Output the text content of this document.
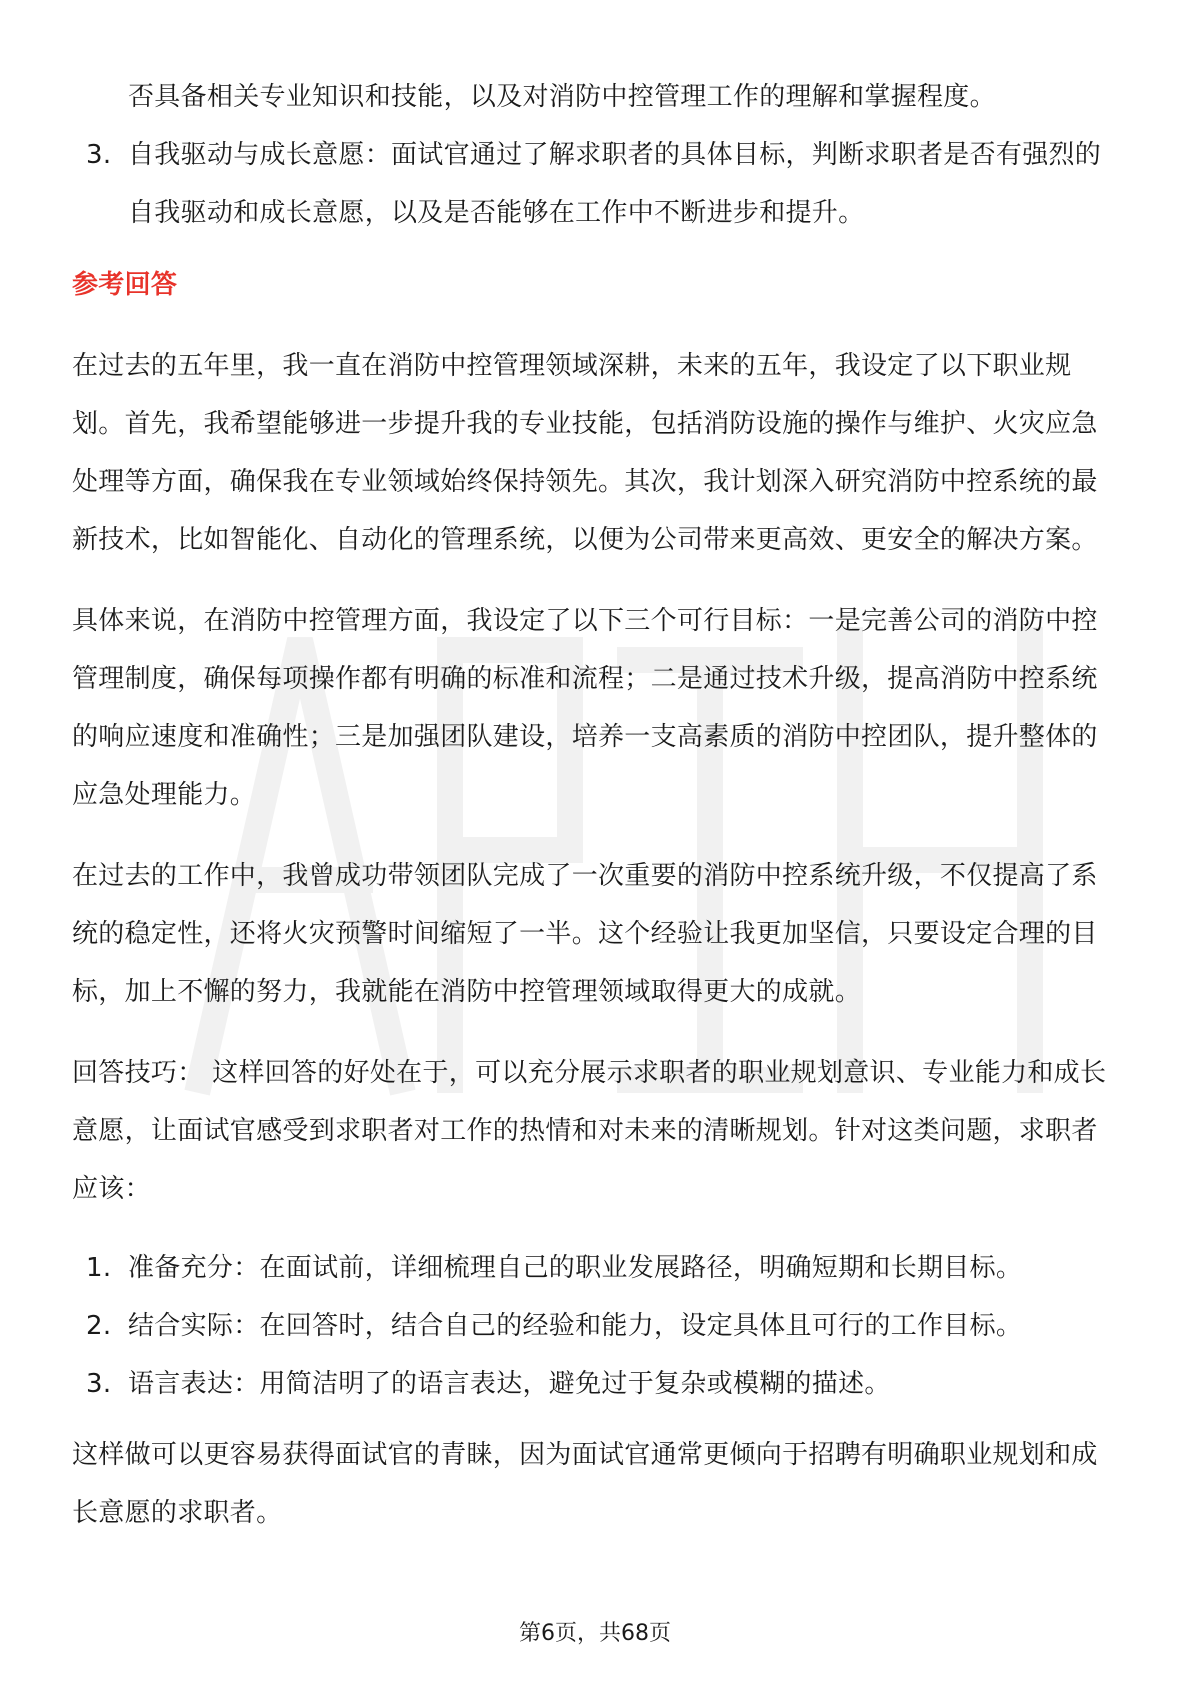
否具备相关专业知识和技能，以及对消防中控管理工作的理解和掌握程度。

3. 自我驱动与成长意愿：面试官通过了解求职者的具体目标，判断求职者是否有强烈的自我驱动和成长意愿，以及是否能够在工作中不断进步和提升。

参考回答

在过去的五年里，我一直在消防中控管理领域深耕，未来的五年，我设定了以下职业规划。首先，我希望能够进一步提升我的专业技能，包括消防设施的操作与维护、火灾应急处理等方面，确保我在专业领域始终保持领先。其次，我计划深入研究消防中控系统的最新技术，比如智能化、自动化的管理系统，以便为公司带来更高效、更安全的解决方案。

具体来说，在消防中控管理方面，我设定了以下三个可行目标：一是完善公司的消防中控管理制度，确保每项操作都有明确的标准和流程；二是通过技术升级，提高消防中控系统的响应速度和准确性；三是加强团队建设，培养一支高素质的消防中控团队，提升整体的应急处理能力。

在过去的工作中，我曾成功带领团队完成了一次重要的消防中控系统升级，不仅提高了系统的稳定性，还将火灾预警时间缩短了一半。这个经验让我更加坚信，只要设定合理的目标，加上不懈的努力，我就能在消防中控管理领域取得更大的成就。

回答技巧： 这样回答的好处在于，可以充分展示求职者的职业规划意识、专业能力和成长意愿，让面试官感受到求职者对工作的热情和对未来的清晰规划。针对这类问题，求职者应该：

1. 准备充分：在面试前，详细梳理自己的职业发展路径，明确短期和长期目标。
2. 结合实际：在回答时，结合自己的经验和能力，设定具体且可行的工作目标。
3. 语言表达：用简洁明了的语言表达，避免过于复杂或模糊的描述。

这样做可以更容易获得面试官的青睐，因为面试官通常更倾向于招聘有明确职业规划和成长意愿的求职者。

第6页，共68页
